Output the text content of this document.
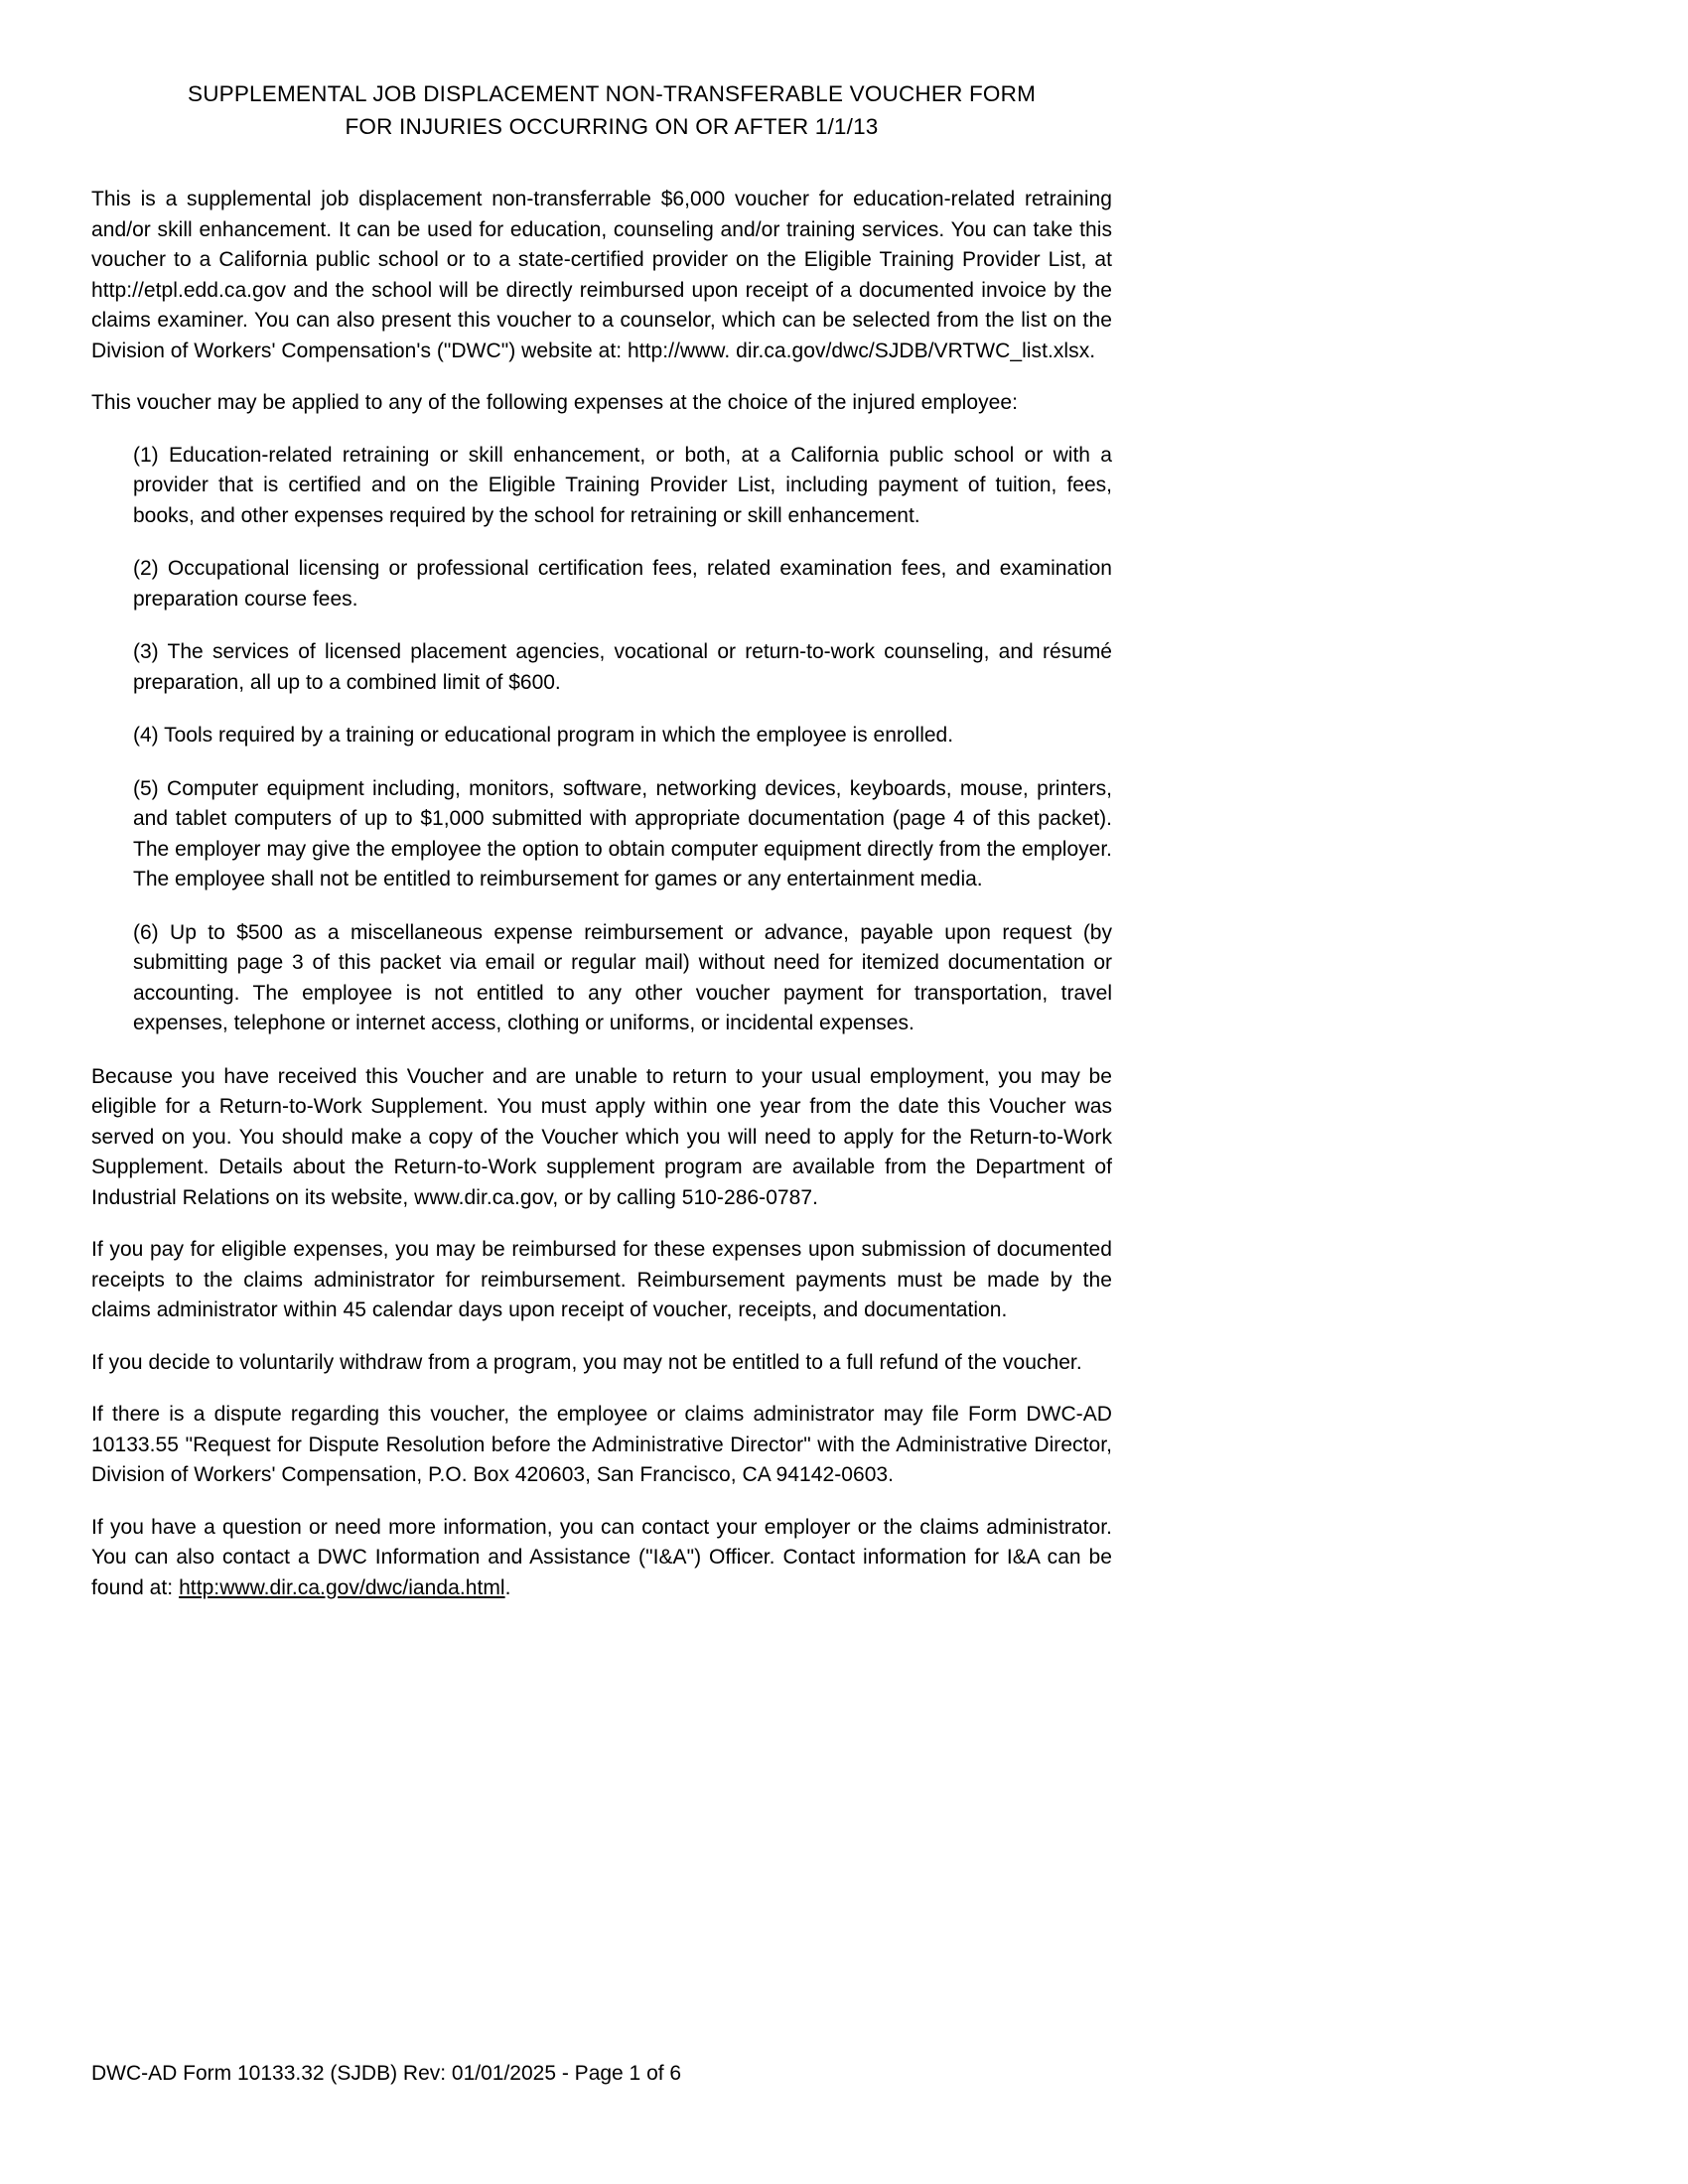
SUPPLEMENTAL JOB DISPLACEMENT NON-TRANSFERABLE VOUCHER FORM
FOR INJURIES OCCURRING ON OR AFTER 1/1/13

This is a supplemental job displacement non-transferrable $6,000 voucher for education-related retraining and/or skill enhancement. It can be used for education, counseling and/or training services. You can take this voucher to a California public school or to a state-certified provider on the Eligible Training Provider List, at http://etpl.edd.ca.gov and the school will be directly reimbursed upon receipt of a documented invoice by the claims examiner. You can also present this voucher to a counselor, which can be selected from the list on the Division of Workers' Compensation's ("DWC") website at: http://www. dir.ca.gov/dwc/SJDB/VRTWC_list.xlsx.

This voucher may be applied to any of the following expenses at the choice of the injured employee:

(1) Education-related retraining or skill enhancement, or both, at a California public school or with a provider that is certified and on the Eligible Training Provider List, including payment of tuition, fees, books, and other expenses required by the school for retraining or skill enhancement.

(2) Occupational licensing or professional certification fees, related examination fees, and examination preparation course fees.

(3) The services of licensed placement agencies, vocational or return-to-work counseling, and résumé preparation, all up to a combined limit of $600.

(4) Tools required by a training or educational program in which the employee is enrolled.

(5) Computer equipment including, monitors, software, networking devices, keyboards, mouse, printers, and tablet computers of up to $1,000 submitted with appropriate documentation (page 4 of this packet). The employer may give the employee the option to obtain computer equipment directly from the employer. The employee shall not be entitled to reimbursement for games or any entertainment media.

(6) Up to $500 as a miscellaneous expense reimbursement or advance, payable upon request (by submitting page 3 of this packet via email or regular mail) without need for itemized documentation or accounting. The employee is not entitled to any other voucher payment for transportation, travel expenses, telephone or internet access, clothing or uniforms, or incidental expenses.

Because you have received this Voucher and are unable to return to your usual employment, you may be eligible for a Return-to-Work Supplement. You must apply within one year from the date this Voucher was served on you. You should make a copy of the Voucher which you will need to apply for the Return-to-Work Supplement. Details about the Return-to-Work supplement program are available from the Department of Industrial Relations on its website, www.dir.ca.gov, or by calling 510-286-0787.

If you pay for eligible expenses, you may be reimbursed for these expenses upon submission of documented receipts to the claims administrator for reimbursement. Reimbursement payments must be made by the claims administrator within 45 calendar days upon receipt of voucher, receipts, and documentation.

If you decide to voluntarily withdraw from a program, you may not be entitled to a full refund of the voucher.

If there is a dispute regarding this voucher, the employee or claims administrator may file Form DWC-AD 10133.55 "Request for Dispute Resolution before the Administrative Director" with the Administrative Director, Division of Workers' Compensation, P.O. Box 420603, San Francisco, CA 94142-0603.

If you have a question or need more information, you can contact your employer or the claims administrator. You can also contact a DWC Information and Assistance ("I&A") Officer. Contact information for I&A can be found at: http:www.dir.ca.gov/dwc/ianda.html.

DWC-AD Form 10133.32 (SJDB) Rev: 01/01/2025 - Page 1 of 6
